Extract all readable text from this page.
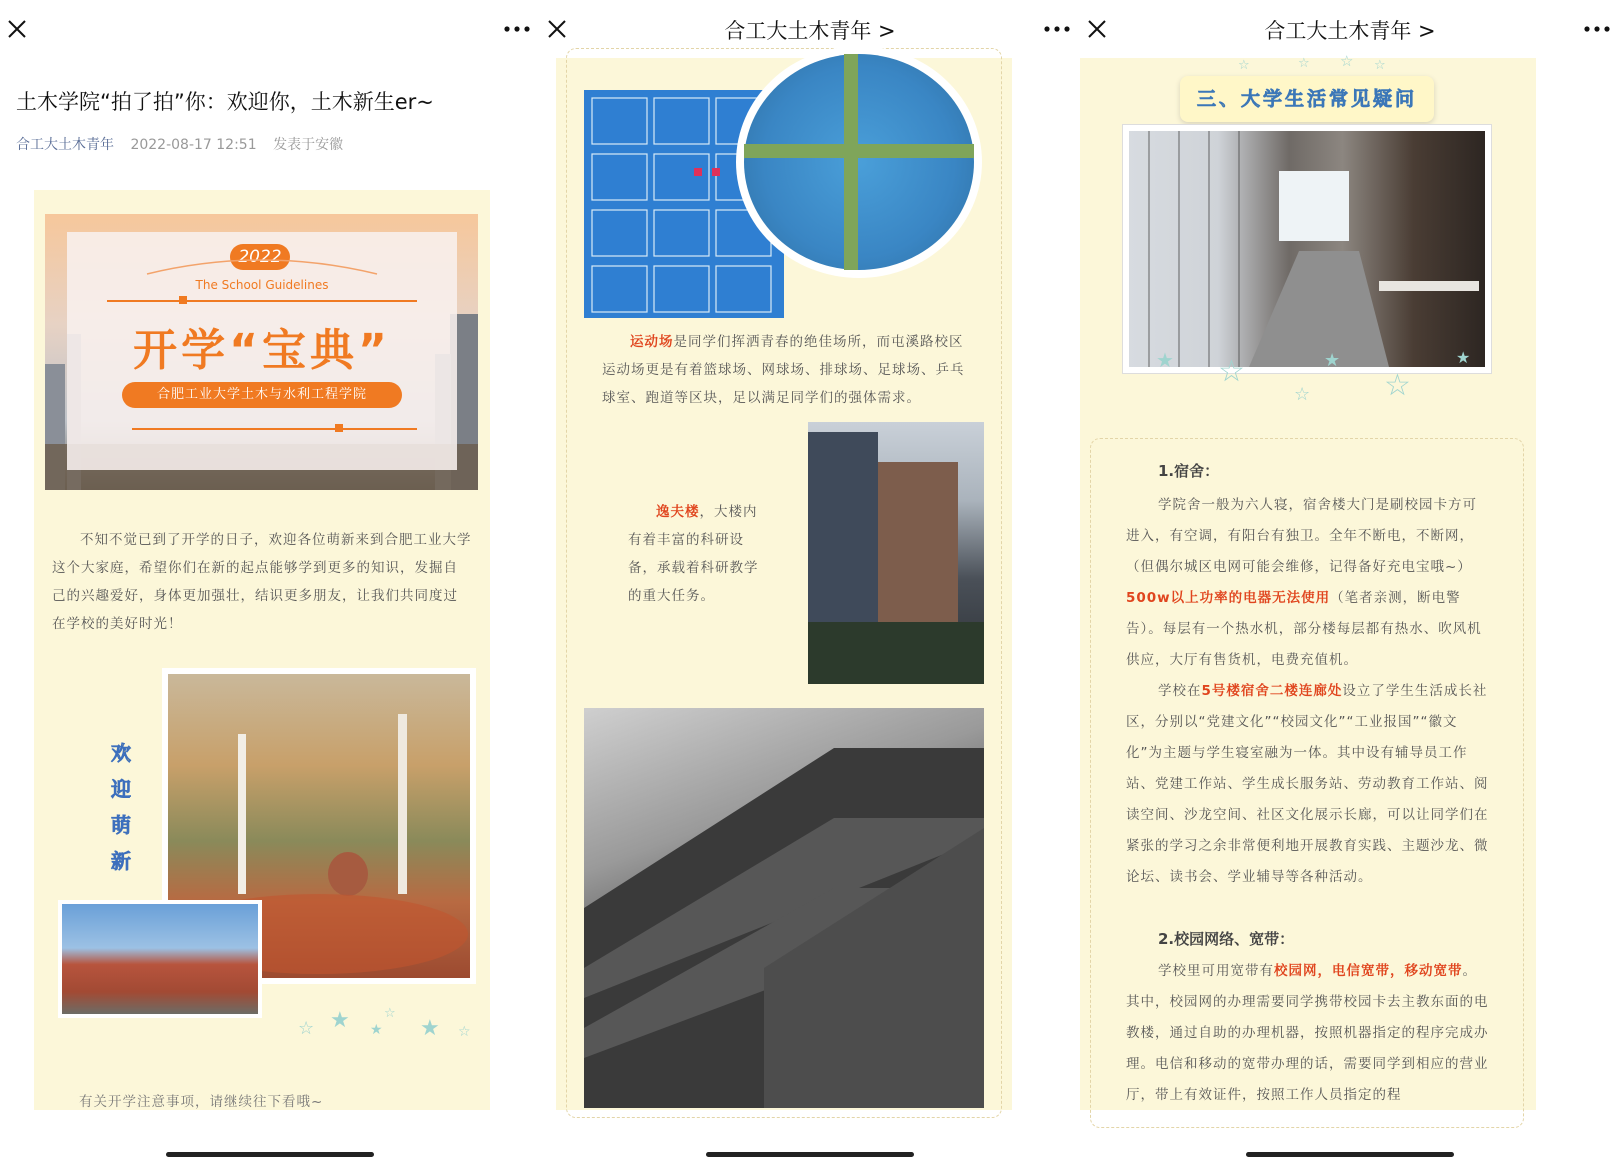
土木学院“拍了拍”你：欢迎你，土木新生er~
合工大土木青年 2022-08-17 12:51 发表于安徽
2022
The School Guidelines
开学“宝典”
合肥工业大学土木与水利工程学院
不知不觉已到了开学的日子，欢迎各位萌新来到合肥工业大学这个大家庭，希望你们在新的起点能够学到更多的知识，发掘自己的兴趣爱好，身体更加强壮，结识更多朋友，让我们共同度过在学校的美好时光！
欢
迎
萌
新
☆ ★ ★
☆
★ ☆
有关开学注意事项，请继续往下看哦~
合工大土木青年 >
运动场是同学们挥洒青春的绝佳场所，而屯溪路校区运动场更是有着篮球场、网球场、排球场、足球场、乒乓球室、跑道等区块，足以满足同学们的强体需求。
逸夫楼，大楼内有着丰富的科研设备，承载着科研教学的重大任务。
合工大土木青年 >
☆	☆ ☆ ☆
三、大学生活常见疑问
★ ☆	★
☆
☆
★
1.宿舍：
学院舍一般为六人寝，宿舍楼大门是刷校园卡方可进入，有空调，有阳台有独卫。全年不断电，不断网，（但偶尔城区电网可能会维修，记得备好充电宝哦~）500w以上功率的电器无法使用（笔者亲测，断电警告）。每层有一个热水机，部分楼每层都有热水、吹风机供应，大厅有售货机，电费充值机。
学校在5号楼宿舍二楼连廊处设立了学生生活成长社区，分别以“党建文化”“校园文化”“工业报国”“徽文化”为主题与学生寝室融为一体。其中设有辅导员工作站、党建工作站、学生成长服务站、劳动教育工作站、阅读空间、沙龙空间、社区文化展示长廊，可以让同学们在紧张的学习之余非常便利地开展教育实践、主题沙龙、微论坛、读书会、学业辅导等各种活动。
2.校园网络、宽带：
学校里可用宽带有校园网，电信宽带，移动宽带。其中，校园网的办理需要同学携带校园卡去主教东面的电教楼，通过自助的办理机器，按照机器指定的程序完成办理。电信和移动的宽带办理的话，需要同学到相应的营业厅，带上有效证件，按照工作人员指定的程
